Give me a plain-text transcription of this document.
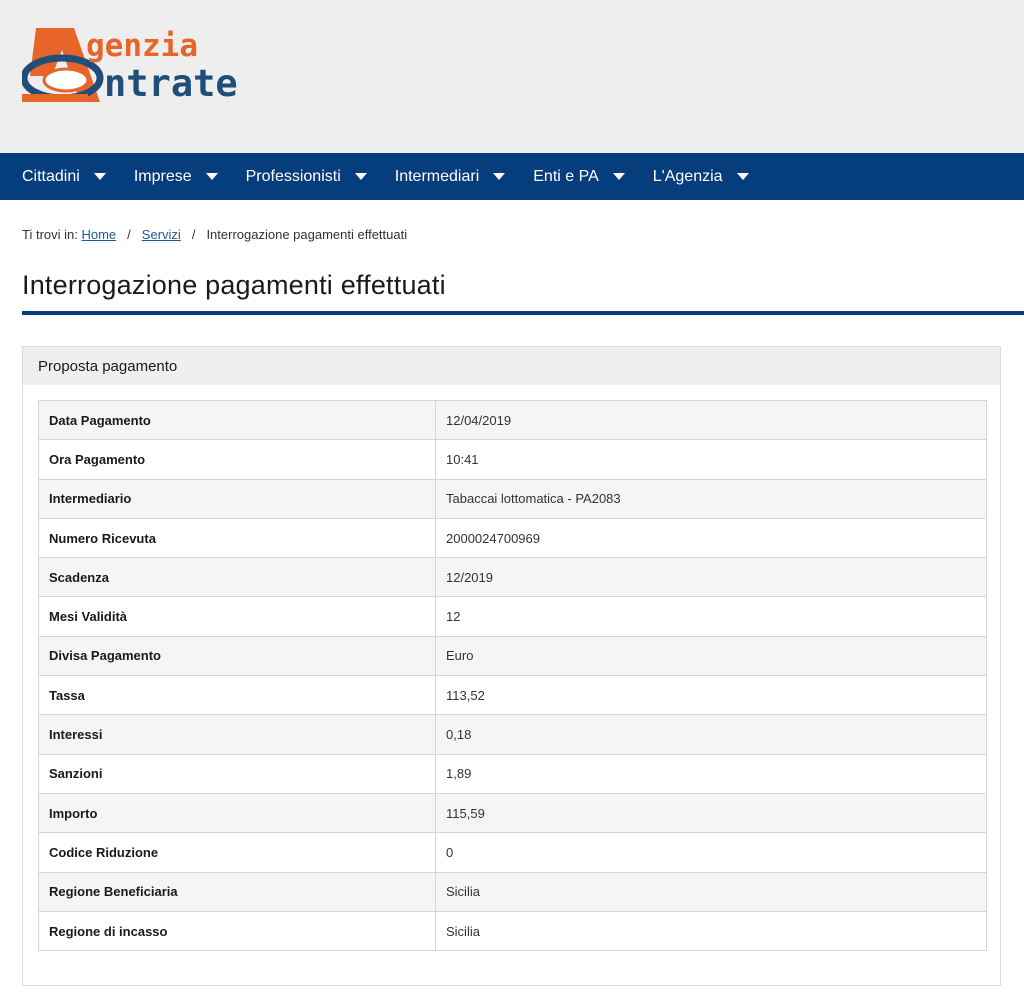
genzia
ntrate
Cittadini	Imprese	Professionisti	Intermediari	Enti e PA	L'Agenzia
Ti trovi in:
Home / Servizi / Interrogazione pagamenti effettuati
Interrogazione pagamenti effettuati
Proposta pagamento
Data Pagamento	12/04/2019
Ora Pagamento	10:41
Intermediario	Tabaccai lottomatica - PA2083
Numero Ricevuta	2000024700969
Scadenza	12/2019
Mesi Validità	12
Divisa Pagamento	Euro
Tassa	113,52
Interessi	0,18
Sanzioni	1,89
Importo	115,59
Codice Riduzione	0
Regione Beneficiaria	Sicilia
Regione di incasso	Sicilia
